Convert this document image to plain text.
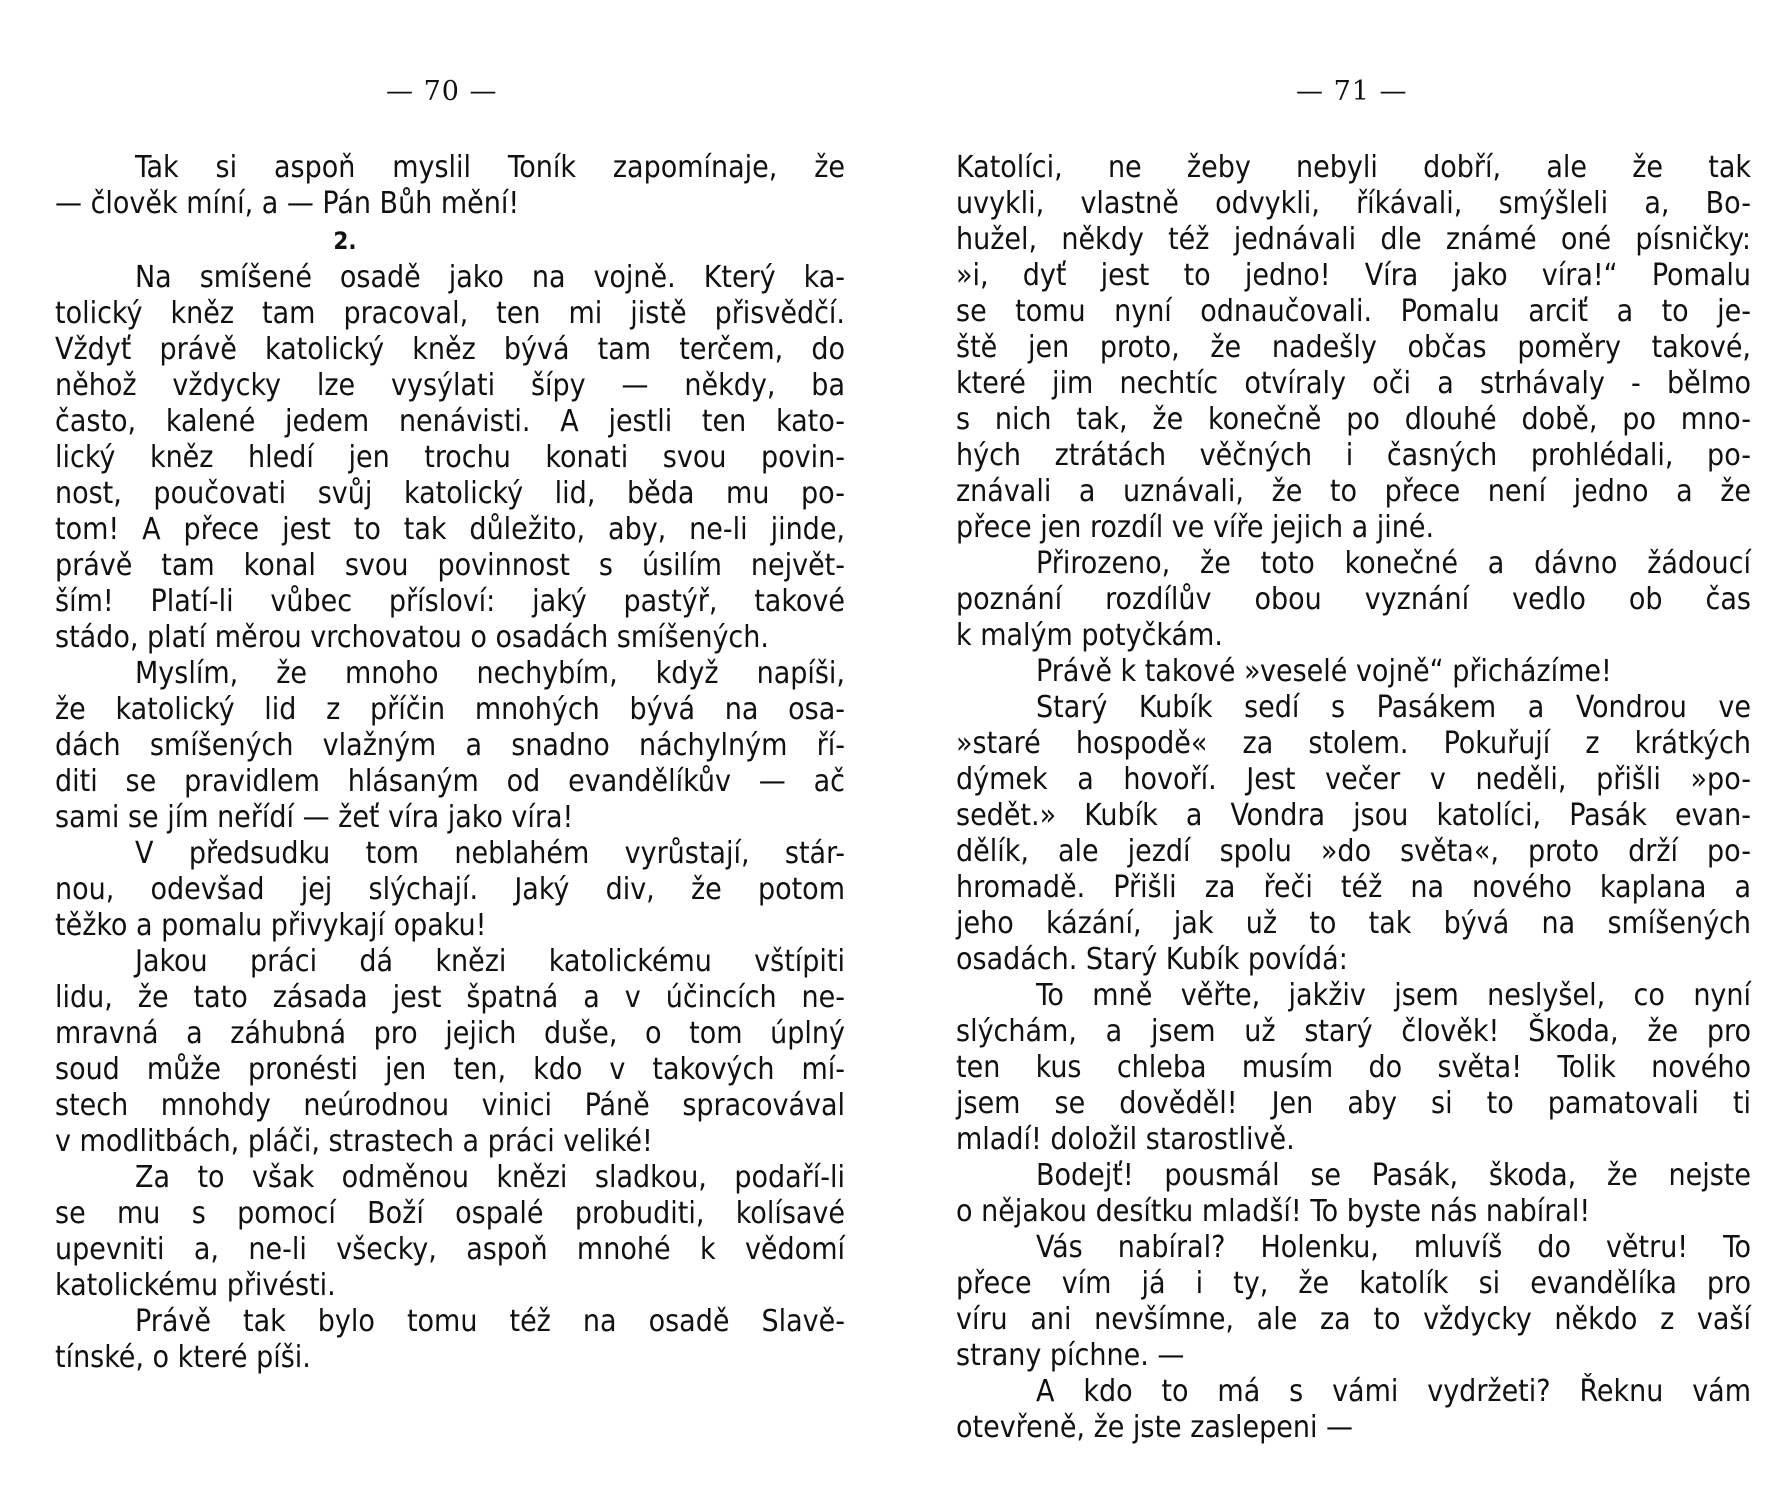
— 70 —
Tak si aspoň myslil Toník zapomínaje, že
— člověk míní, a — Pán Bůh mění!
2.
Na smíšené osadě jako na vojně. Který ka-
tolický kněz tam pracoval, ten mi jistě přisvědčí.
Vždyť právě katolický kněz bývá tam terčem, do
něhož vždycky lze vysýlati šípy — někdy, ba
často, kalené jedem nenávisti. A jestli ten kato-
lický kněz hledí jen trochu konati svou povin-
nost, poučovati svůj katolický lid, běda mu po-
tom! A přece jest to tak důležito, aby, ne-li jinde,
právě tam konal svou povinnost s úsilím největ-
ším! Platí-li vůbec přísloví: jaký pastýř, takové
stádo, platí měrou vrchovatou o osadách smíšených.
Myslím, že mnoho nechybím, když napíši,
že katolický lid z příčin mnohých bývá na osa-
dách smíšených vlažným a snadno náchylným ří-
diti se pravidlem hlásaným od evandělíkův — ač
sami se jím neřídí — žeť víra jako víra!
V předsudku tom neblahém vyrůstají, stár-
nou, odevšad jej slýchají. Jaký div, že potom
těžko a pomalu přivykají opaku!
Jakou práci dá knězi katolickému vštípiti
lidu, že tato zásada jest špatná a v účincích ne-
mravná a záhubná pro jejich duše, o tom úplný
soud může pronésti jen ten, kdo v takových mí-
stech mnohdy neúrodnou vinici Páně spracovával
v modlitbách, pláči, strastech a práci veliké!
Za to však odměnou knězi sladkou, podaří-li
se mu s pomocí Boží ospalé probuditi, kolísavé
upevniti a, ne-li všecky, aspoň mnohé k vědomí
katolickému přivésti.
Právě tak bylo tomu též na osadě Slavě-
tínské, o které píši.
— 71 —
Katolíci, ne žeby nebyli dobří, ale že tak
uvykli, vlastně odvykli, říkávali, smýšleli a, Bo-
hužel, někdy též jednávali dle známé oné písničky:
»i, dyť jest to jedno! Víra jako víra!“ Pomalu
se tomu nyní odnaučovali. Pomalu arciť a to je-
ště jen proto, že nadešly občas poměry takové,
které jim nechtíc otvíraly oči a strhávaly - bělmo
s nich tak, že konečně po dlouhé době, po mno-
hých ztrátách věčných i časných prohlédali, po-
znávali a uznávali, že to přece není jedno a že
přece jen rozdíl ve víře jejich a jiné.
Přirozeno, že toto konečné a dávno žádoucí
poznání rozdílův obou vyznání vedlo ob čas
k malým potyčkám.
Právě k takové »veselé vojně“ přicházíme!
Starý Kubík sedí s Pasákem a Vondrou ve
»staré hospodě« za stolem. Pokuřují z krátkých
dýmek a hovoří. Jest večer v neděli, přišli »po-
sedět.» Kubík a Vondra jsou katolíci, Pasák evan-
dělík, ale jezdí spolu »do světa«, proto drží po-
hromadě. Přišli za řeči též na nového kaplana a
jeho kázání, jak už to tak bývá na smíšených
osadách. Starý Kubík povídá:
To mně věřte, jakživ jsem neslyšel, co nyní
slýchám, a jsem už starý člověk! Škoda, že pro
ten kus chleba musím do světa! Tolik nového
jsem se dověděl! Jen aby si to pamatovali ti
mladí! doložil starostlivě.
Bodejť! pousmál se Pasák, škoda, že nejste
o nějakou desítku mladší! To byste nás nabíral!
Vás nabíral? Holenku, mluvíš do větru! To
přece vím já i ty, že katolík si evandělíka pro
víru ani nevšímne, ale za to vždycky někdo z vaší
strany píchne. —
A kdo to má s vámi vydržeti? Řeknu vám
otevřeně, že jste zaslepeni —
